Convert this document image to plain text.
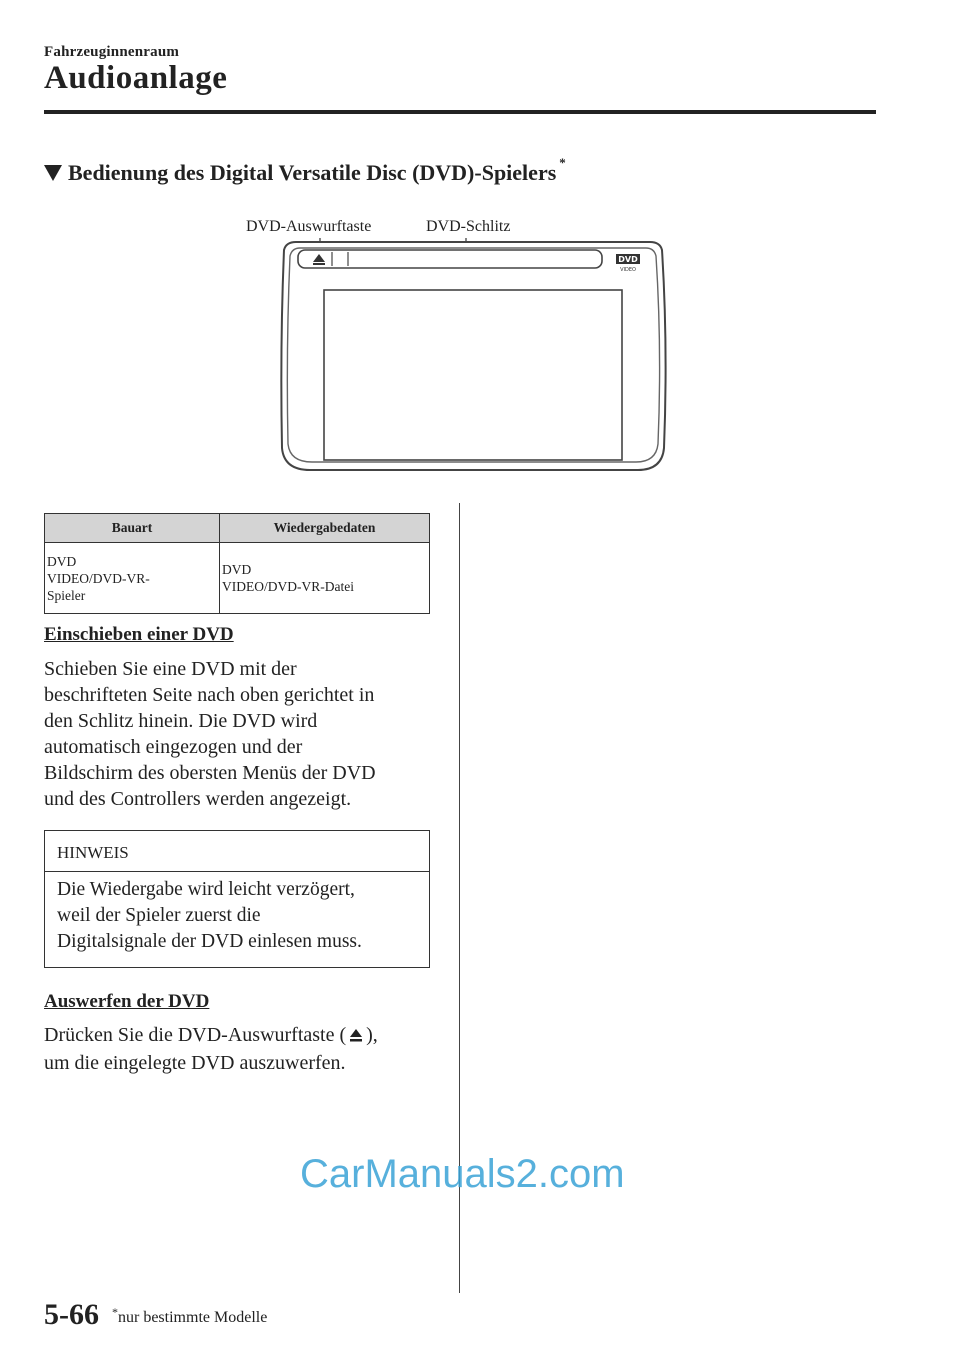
Fahrzeuginnenraum
Audioanlage
Bedienung des Digital Versatile Disc (DVD)-Spielers *
DVD-Auswurftaste	DVD-Schlitz
DVD
VIDEO
Bauart	Wiedergabedaten
DVD
VIDEO/DVD-VR-
Spieler	DVD
VIDEO/DVD-VR-Datei
Einschieben einer DVD
Schieben Sie eine DVD mit der
beschrifteten Seite nach oben gerichtet in
den Schlitz hinein. Die DVD wird
automatisch eingezogen und der
Bildschirm des obersten Menüs der DVD
und des Controllers werden angezeigt.
HINWEIS
Die Wiedergabe wird leicht verzögert,
weil der Spieler zuerst die
Digitalsignale der DVD einlesen muss.
Auswerfen der DVD
Drücken Sie die DVD-Auswurftaste ( ),
um die eingelegte DVD auszuwerfen.
CarManuals2.com
5-66 *nur bestimmte Modelle
